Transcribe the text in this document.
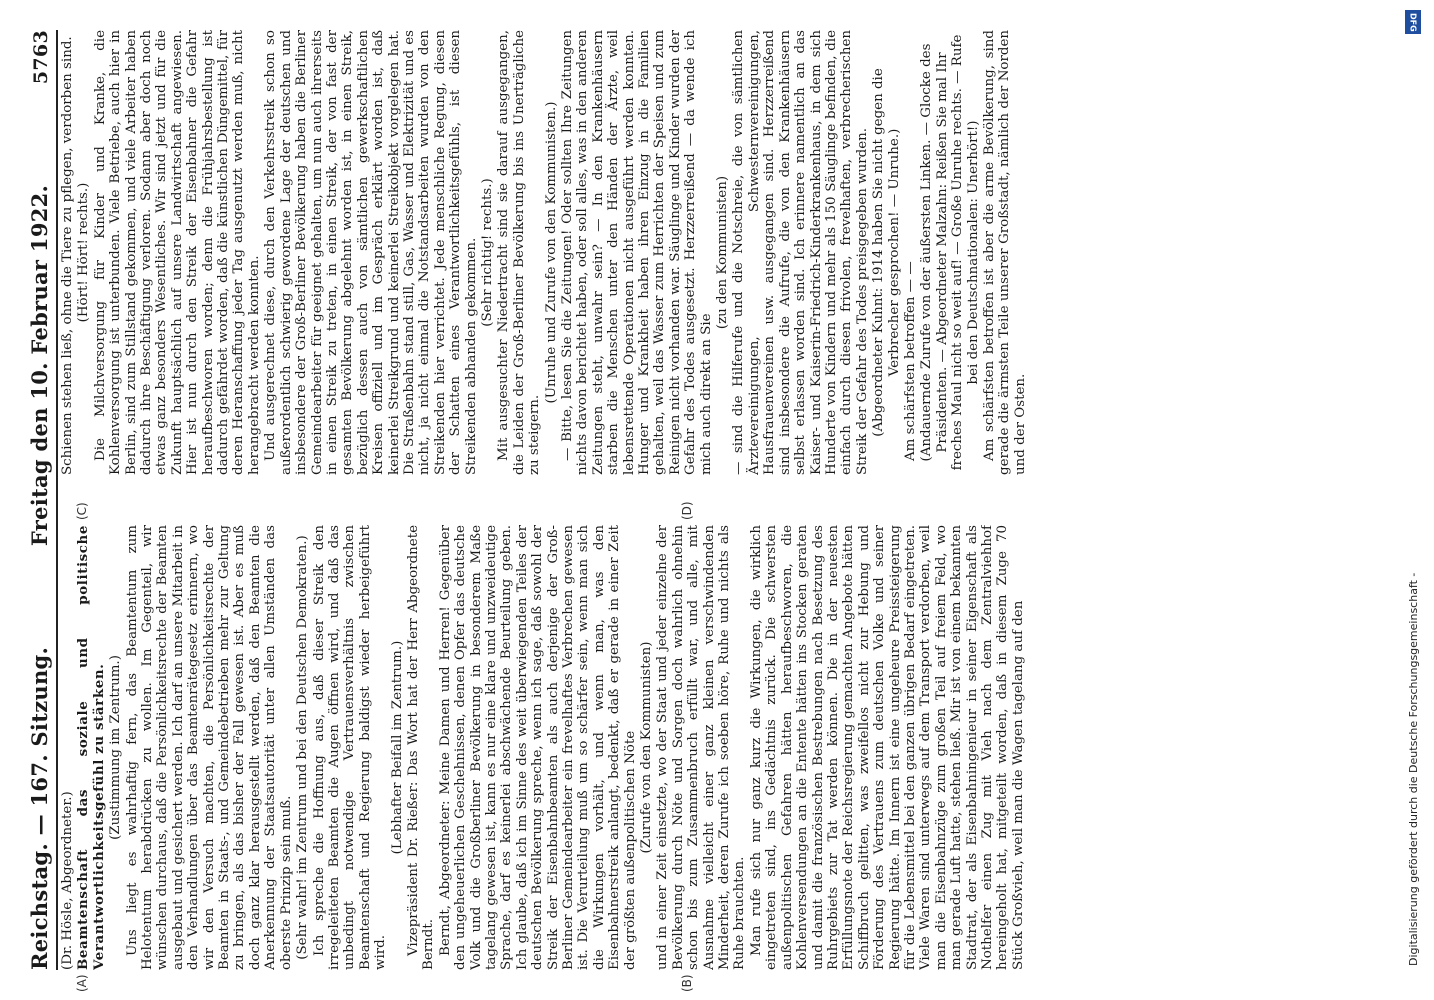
Reichstag. — 167. Sitzung.
Freitag den 10. Februar 1922.
5763
(A)	(B)
(C)	(D)

(Dr. Hösle, Abgeordneter.) Beamtenschaft das soziale und politische Verantwortlichkeitsgefühl zu stärken. (Zustimmung im Zentrum.) Uns liegt es wahrhaftig fern, das Beamtentum zum Helotentum herabdrücken zu wollen. Im Gegenteil, wir wünschen durchaus, daß die Persönlichkeitsrechte der Beamten ausgebaut und gesichert werden. Ich darf an unsere Mitarbeit in den Verhandlungen über das Beamtenrätegesetz erinnern, wo wir den Versuch machten, die Persönlichkeitsrechte der Beamten in Staats-, und Gemeindebetrieben mehr zur Geltung zu bringen, als das bisher der Fall gewesen ist. Aber es muß doch ganz klar herausgestellt werden, daß den Beamten die Anerkennung der Staatsautorität unter allen Umständen das oberste Prinzip sein muß. (Sehr wahr! im Zentrum und bei den Deutschen Demokraten.) Ich spreche die Hoffnung aus, daß dieser Streik den irregeleiteten Beamten die Augen öffnen wird, und daß das unbedingt notwendige Vertrauensverhältnis zwischen Beamtenschaft und Regierung baldigst wieder herbeigeführt wird.

(Lebhafter Beifall im Zentrum.) Vizepräsident Dr. Rießer: Das Wort hat der Herr Abgeordnete Berndt. Berndt, Abgeordneter: Meine Damen und Herren! Gegenüber den ungeheuerlichen Geschehnissen, denen Opfer das deutsche Volk und die Großberliner Bevölkerung in besonderem Maße tagelang gewesen ist, kann es nur eine klare und unzweideutige Sprache, darf es keinerlei abschwächende Beurteilung geben. Ich glaube, daß ich im Sinne des weit überwiegenden Teiles der deutschen Bevölkerung spreche, wenn ich sage, daß sowohl der Streik der Eisenbahnbeamten als auch derjenige der Groß-Berliner Gemeindearbeiter ein frevelhaftes Verbrechen gewesen ist. Die Verurteilung muß um so schärfer sein, wenn man sich die Wirkungen vorhält, und wenn man, was den Eisenbahnerstreik anlangt, bedenkt, daß er gerade in einer Zeit der größten außenpolitischen Nöte (Zurufe von den Kommunisten) und in einer Zeit einsetzte, wo der Staat und jeder einzelne der Bevölkerung durch Nöte und Sorgen doch wahrlich ohnehin schon bis zum Zusammenbruch erfüllt war, und alle, mit Ausnahme vielleicht einer ganz kleinen verschwindenden Minderheit, deren Zurufe ich soeben höre, Ruhe und nichts als Ruhe brauchten. Man rufe sich nur ganz kurz die Wirkungen, die wirklich eingetreten sind, ins Gedächtnis zurück. Die schwersten außenpolitischen Gefahren hätten heraufbeschworen, die Kohlenversendungen an die Entente hätten ins Stocken geraten und damit die französischen Bestrebungen nach Besetzung des Ruhrgebiets zur Tat werden können. Die in der neuesten Erfüllungsnote der Reichsregierung gemachten Angebote hätten Schiffbruch gelitten, was zweifellos nicht zur Hebung und Förderung des Vertrauens zum deutschen Volke und seiner Regierung hätte. Im Innern ist eine ungeheure Preissteigerung für die Lebensmittel bei den ganzen übrigen Bedarf eingetreten. Viele Waren sind unterwegs auf dem Transport verdorben, weil man die Eisenbahnzüge zum großen Teil auf freiem Feld, wo man gerade Luft hatte, stehen ließ. Mir ist von einem bekannten Stadtrat, der als Eisenbahningenieur in seiner Eigenschaft als Nothelfer einen Zug mit Vieh nach dem Zentralviehhof hereingeholt hat, mitgeteilt worden, daß in diesem Zuge 70 Stück Großvieh, weil man die Wagen tagelang auf den

Schienen stehen ließ, ohne die Tiere zu pflegen, verdorben sind. (Hört! Hört! rechts.) Die Milchversorgung für Kinder und Kranke, die Kohlenversorgung ist unterbunden. Viele Betriebe, auch hier in Berlin, sind zum Stillstand gekommen, und viele Arbeiter haben dadurch ihre Beschäftigung verloren. Sodann aber doch noch etwas ganz besonders Wesentliches. Wir sind jetzt und für die Zukunft hauptsächlich auf unsere Landwirtschaft angewiesen. Hier ist nun durch den Streik der Eisenbahner die Gefahr heraufbeschworen worden; denn die Frühjahrsbestellung ist dadurch gefährdet worden, daß die künstlichen Düngemittel, für deren Heranschaffung jeder Tag ausgenutzt werden muß, nicht herangebracht werden konnten. Und ausgerechnet diese, durch den Verkehrsstreik schon so außerordentlich schwierig gewordene Lage der deutschen und insbesondere der Groß-Berliner Bevölkerung haben die Berliner Gemeindearbeiter für geeignet gehalten, um nun auch ihrerseits in einen Streik zu treten, in einen Streik, der von fast der gesamten Bevölkerung abgelehnt worden ist, in einen Streik, bezüglich dessen auch von sämtlichen gewerkschaftlichen Kreisen offiziell und im Gespräch erklärt worden ist, daß keinerlei Streikgrund und keinerlei Streikobjekt vorgelegen hat. Die Straßenbahn stand still, Gas, Wasser und Elektrizität und es nicht, ja nicht einmal die Notstandsarbeiten wurden von den Streikenden hier verrichtet. Jede menschliche Regung, diesen der Schatten eines Verantwortlichkeitsgefühls, ist diesen Streikenden abhanden gekommen. (Sehr richtig! rechts.) Mit ausgesuchter Niedertracht sind sie darauf ausgegangen, die Leiden der Groß-Berliner Bevölkerung bis ins Unerträgliche zu steigern.

(Unruhe und Zurufe von den Kommunisten.) — Bitte, lesen Sie die Zeitungen! Oder sollten Ihre Zeitungen nichts davon berichtet haben, oder soll alles, was in den anderen Zeitungen steht, unwahr sein? — In den Krankenhäusern starben die Menschen unter den Händen der Ärzte, weil lebensrettende Operationen nicht ausgeführt werden konnten. Hunger und Krankheit haben ihren Einzug in die Familien gehalten, weil das Wasser zum Herrichten der Speisen und zum Reinigen nicht vorhanden war. Säuglinge und Kinder wurden der Gefahr des Todes ausgesetzt. Herzzerreißend — da wende ich mich auch direkt an Sie

(zu den Kommunisten) — sind die Hilferufe und die Notschreie, die von sämtlichen Ärztevereinigungen, Schwesternvereinigungen, Hausfrauenvereinen usw. ausgegangen sind. Herzzerreißend sind insbesondere die Aufrufe, die von den Krankenhäusern selbst erlassen worden sind. Ich erinnere namentlich an das Kaiser- und Kaiserin-Friedrich-Kinderkrankenhaus, in dem sich Hunderte von Kindern und mehr als 150 Säuglinge befinden, die einfach durch diesen frivolen, frevelhaften, verbrecherischen Streik der Gefahr des Todes preisgegeben wurden. (Abgeordneter Kuhnt: 1914 haben Sie nicht gegen die Verbrecher gesprochen! — Unruhe.) Am schärfsten betroffen — — (Andauernde Zurufe von der äußersten Linken. — Glocke des Präsidenten. — Abgeordneter Malzahn: Reißen Sie mal Ihr freches Maul nicht so weit auf! — Große Unruhe rechts. — Rufe bei den Deutschnationalen: Unerhört!) Am schärfsten betroffen ist aber die arme Bevölkerung, sind gerade die ärmsten Teile unserer Großstadt, nämlich der Norden und der Osten.

Digitalisierung gefördert durch die Deutsche Forschungsgemeinschaft -
DFG
